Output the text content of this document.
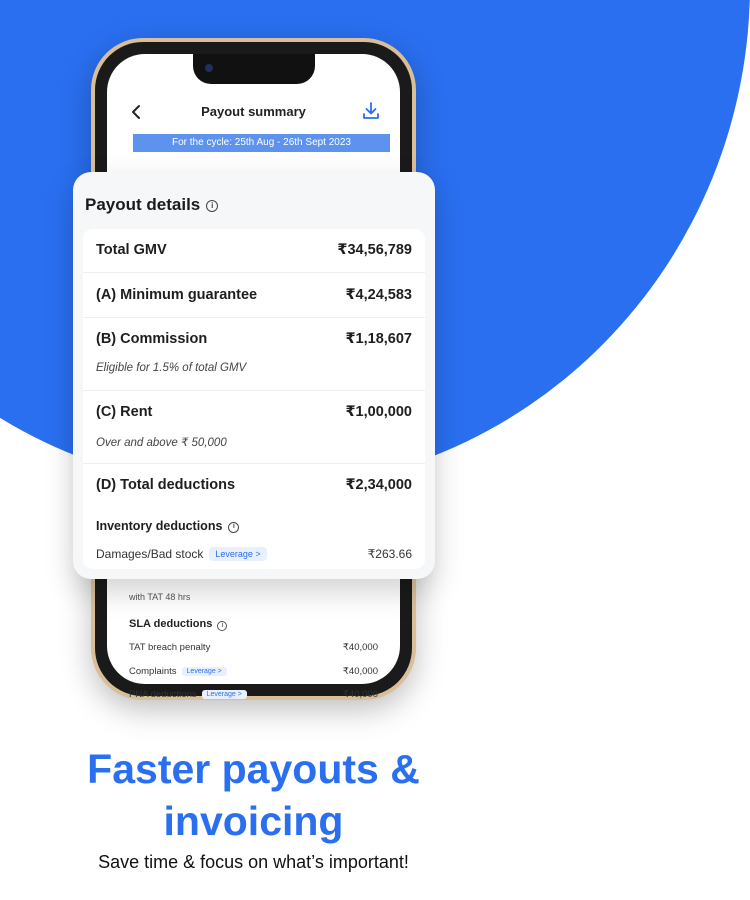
Payout summary
For the cycle: 25th Aug - 26th Sept 2023
with TAT 48 hrs
SLA deductions i
TAT breach penalty	₹40,000
Complaints Leverage >	₹40,000
PNA deductions Leverage >	₹40,000
Payout details i
Total GMV	₹34,56,789
(A) Minimum guarantee	₹4,24,583
(B) Commission	₹1,18,607
Eligible for 1.5% of total GMV
(C) Rent	₹1,00,000
Over and above ₹ 50,000
(D) Total deductions	₹2,34,000
Inventory deductions i
Damages/Bad stock Leverage >	₹263.66
Faster payouts &
invoicing
Save time & focus on what’s important!
